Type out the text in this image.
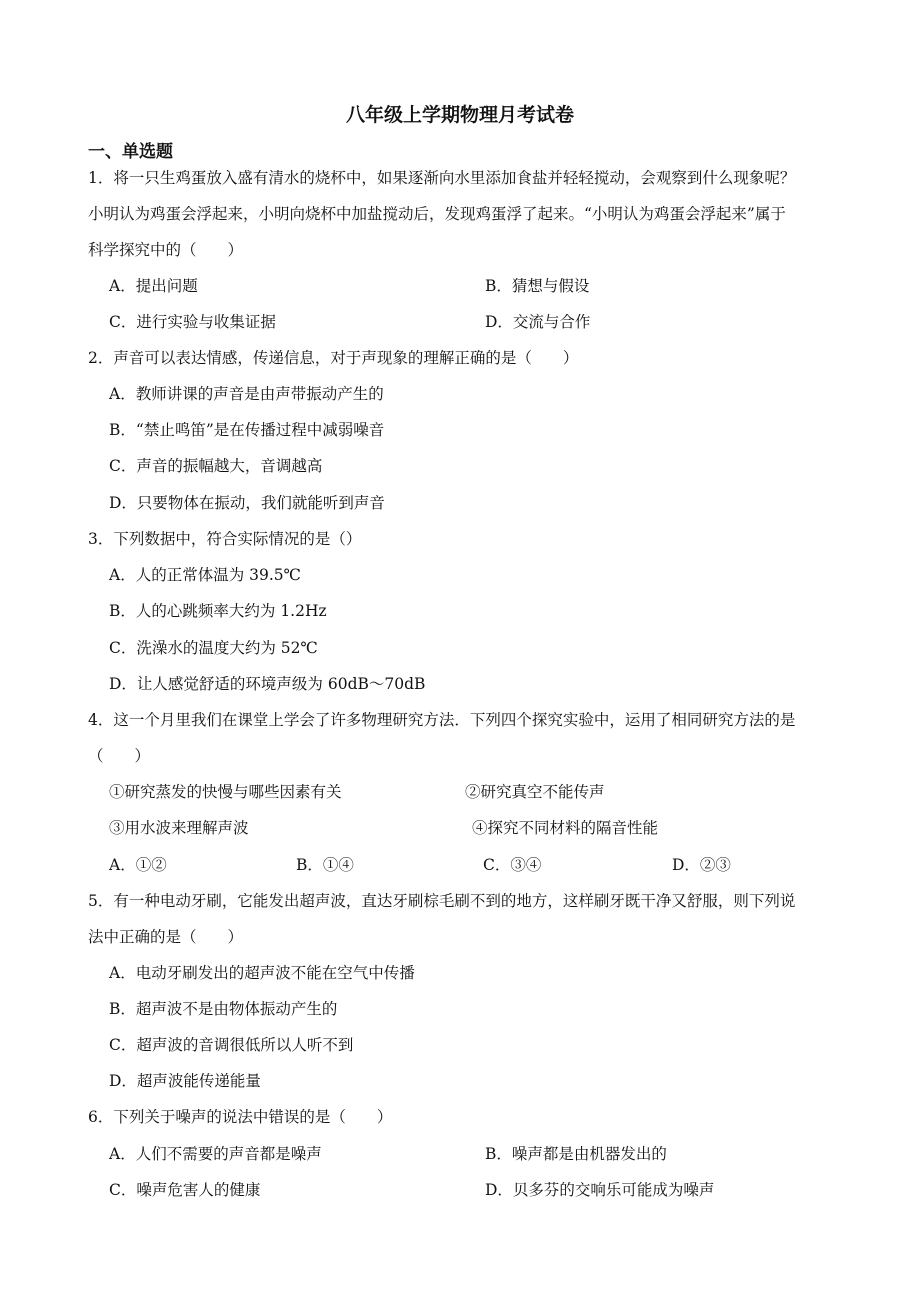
八年级上学期物理月考试卷
一、单选题
1．将一只生鸡蛋放入盛有清水的烧杯中，如果逐渐向水里添加食盐并轻轻搅动，会观察到什么现象呢？
小明认为鸡蛋会浮起来，小明向烧杯中加盐搅动后，发现鸡蛋浮了起来。“小明认为鸡蛋会浮起来”属于
科学探究中的（　　）
A．提出问题	B．猜想与假设
C．进行实验与收集证据	D．交流与合作
2．声音可以表达情感，传递信息，对于声现象的理解正确的是（　　）
A．教师讲课的声音是由声带振动产生的
B．“禁止鸣笛”是在传播过程中减弱噪音
C．声音的振幅越大，音调越高
D．只要物体在振动，我们就能听到声音
3．下列数据中，符合实际情况的是（）
A．人的正常体温为 39.5℃
B．人的心跳频率大约为 1.2Hz
C．洗澡水的温度大约为 52℃
D．让人感觉舒适的环境声级为 60dB～70dB
4．这一个月里我们在课堂上学会了许多物理研究方法．下列四个探究实验中，运用了相同研究方法的是
（　　）
①研究蒸发的快慢与哪些因素有关	②研究真空不能传声
③用水波来理解声波	④探究不同材料的隔音性能
A．①②	B．①④	C．③④	D．②③
5．有一种电动牙刷，它能发出超声波，直达牙刷棕毛刷不到的地方，这样刷牙既干净又舒服，则下列说
法中正确的是（　　）
A．电动牙刷发出的超声波不能在空气中传播
B．超声波不是由物体振动产生的
C．超声波的音调很低所以人听不到
D．超声波能传递能量
6．下列关于噪声的说法中错误的是（　　）
A．人们不需要的声音都是噪声	B．噪声都是由机器发出的
C．噪声危害人的健康	D．贝多芬的交响乐可能成为噪声
